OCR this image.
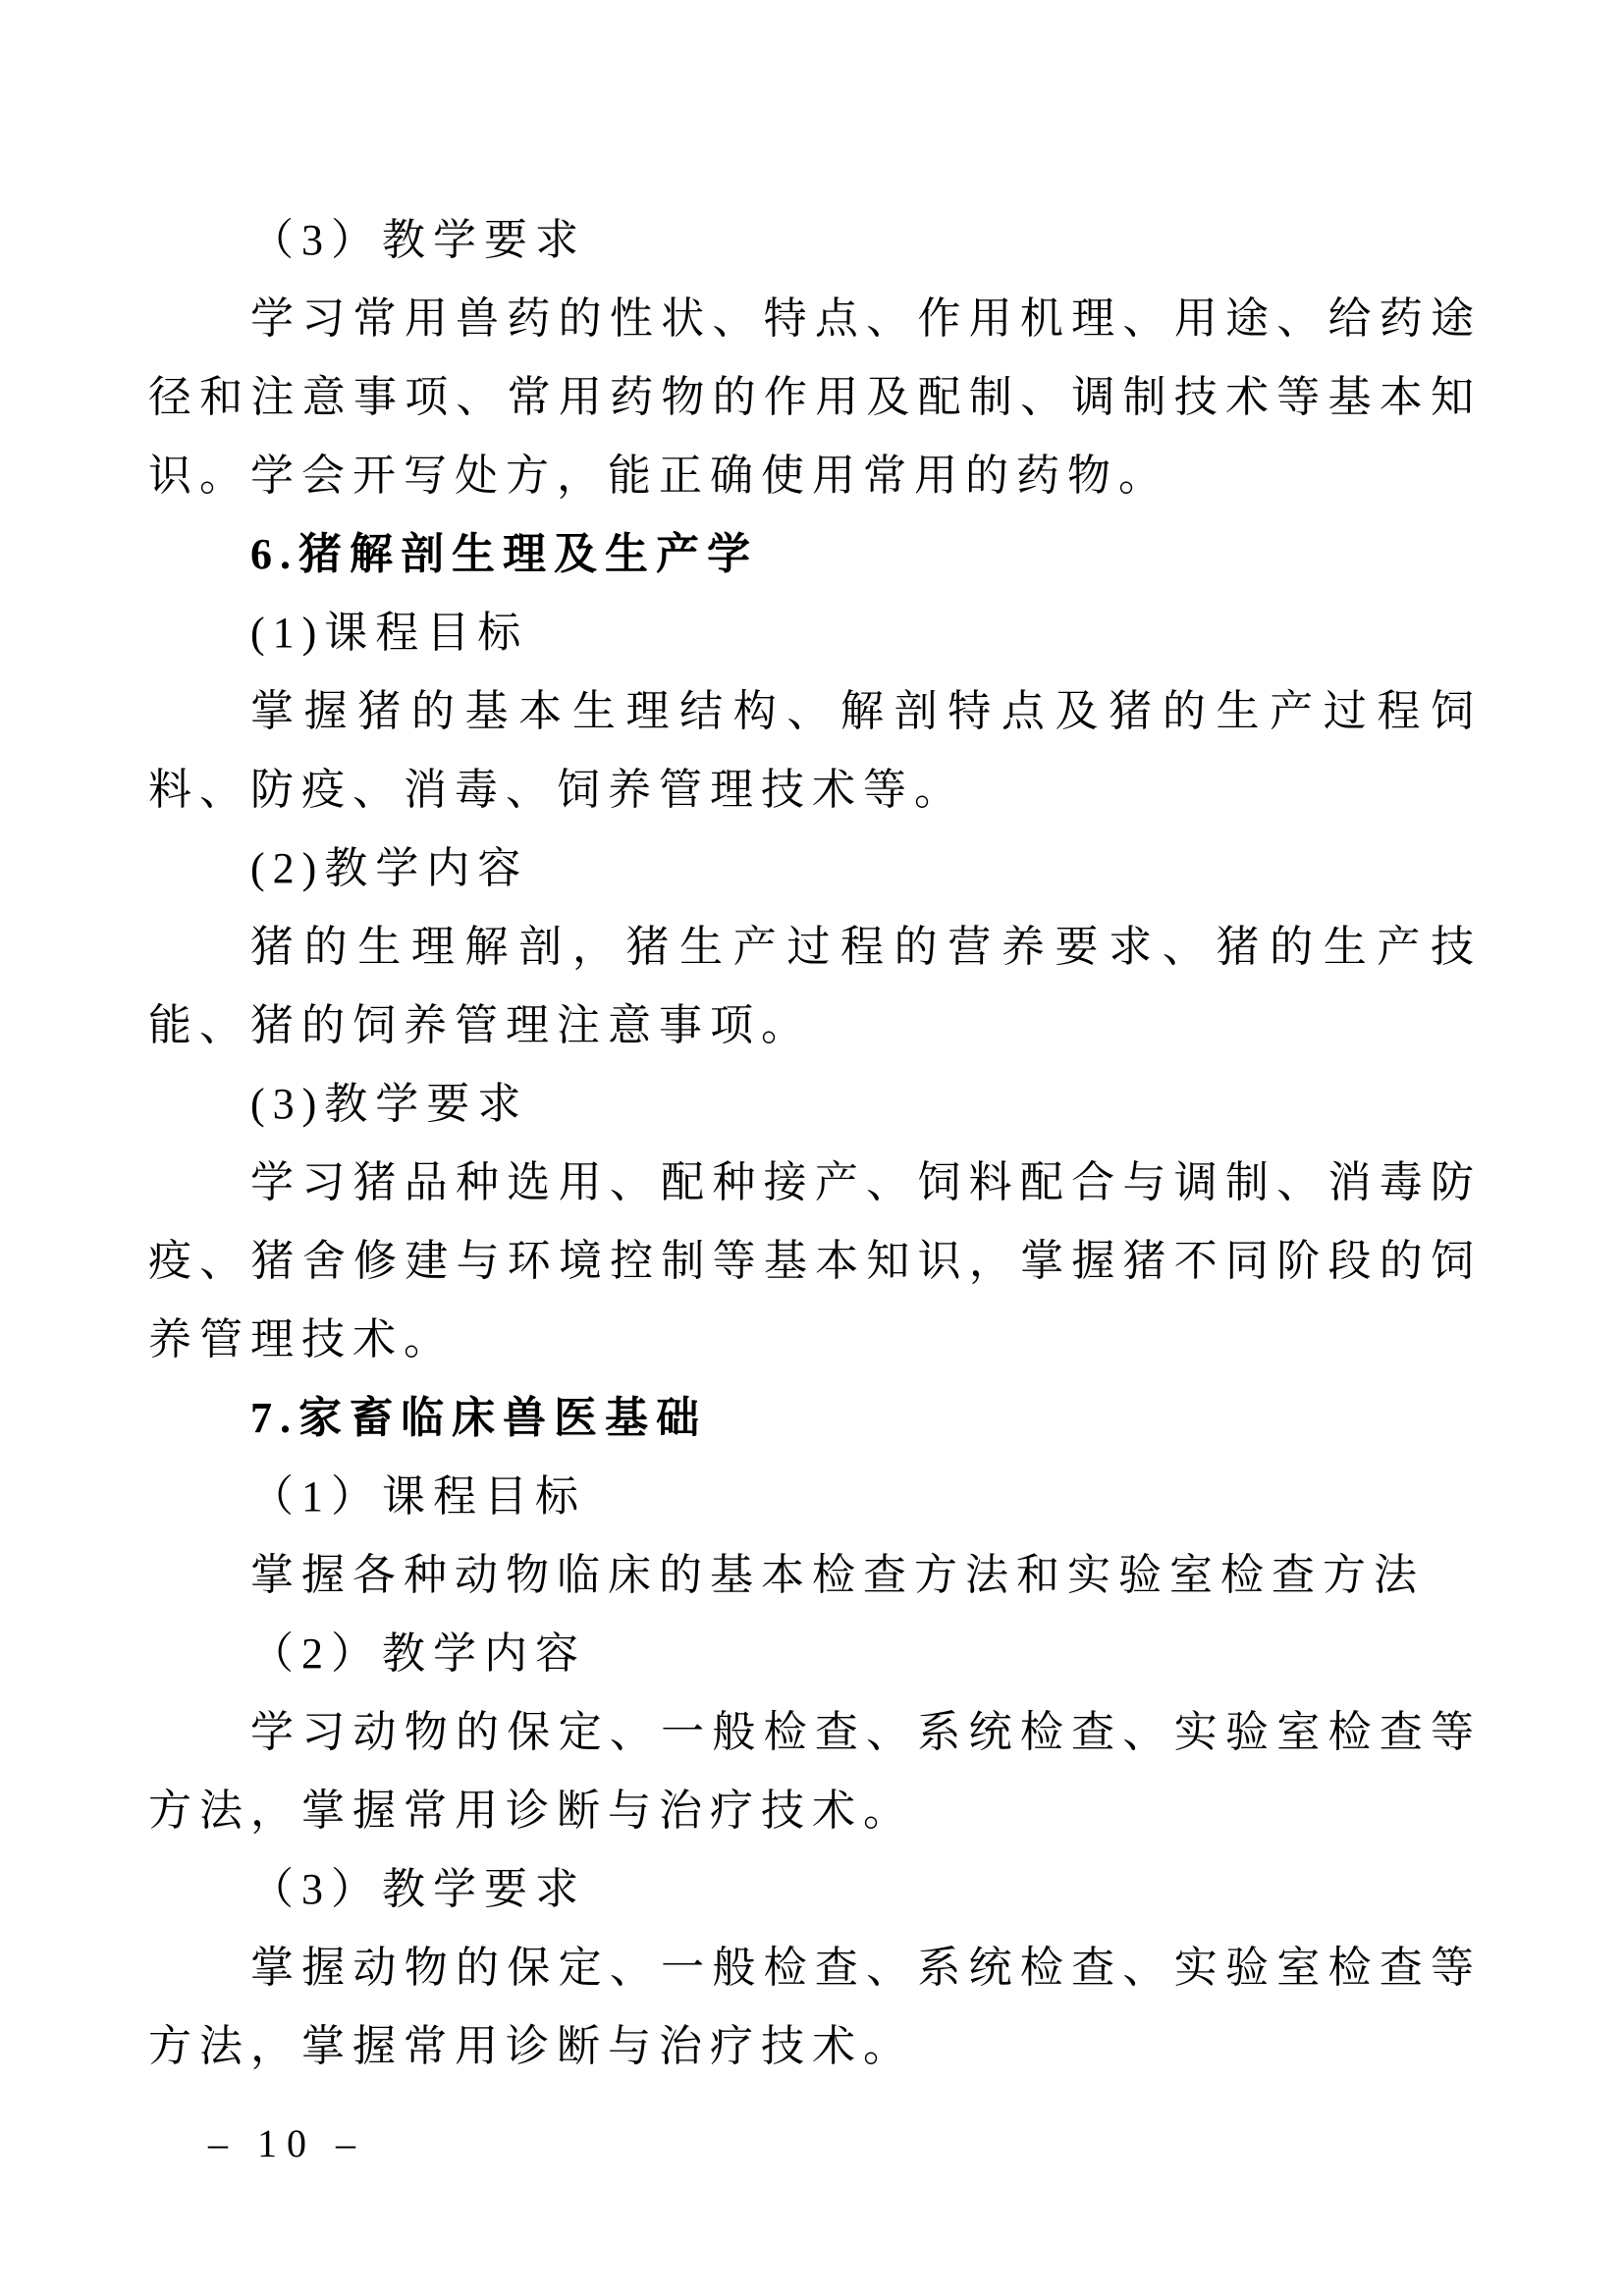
（3）教学要求

学习常用兽药的性状、特点、作用机理、用途、给药途径和注意事项、常用药物的作用及配制、调制技术等基本知识。学会开写处方，能正确使用常用的药物。

6.猪解剖生理及生产学

(1)课程目标

掌握猪的基本生理结构、解剖特点及猪的生产过程饲料、防疫、消毒、饲养管理技术等。

(2)教学内容

猪的生理解剖，猪生产过程的营养要求、猪的生产技能、猪的饲养管理注意事项。

(3)教学要求

学习猪品种选用、配种接产、饲料配合与调制、消毒防疫、猪舍修建与环境控制等基本知识，掌握猪不同阶段的饲养管理技术。

7.家畜临床兽医基础

（1）课程目标

掌握各种动物临床的基本检查方法和实验室检查方法

（2）教学内容

学习动物的保定、一般检查、系统检查、实验室检查等方法，掌握常用诊断与治疗技术。

（3）教学要求

掌握动物的保定、一般检查、系统检查、实验室检查等方法，掌握常用诊断与治疗技术。

– 10 –
